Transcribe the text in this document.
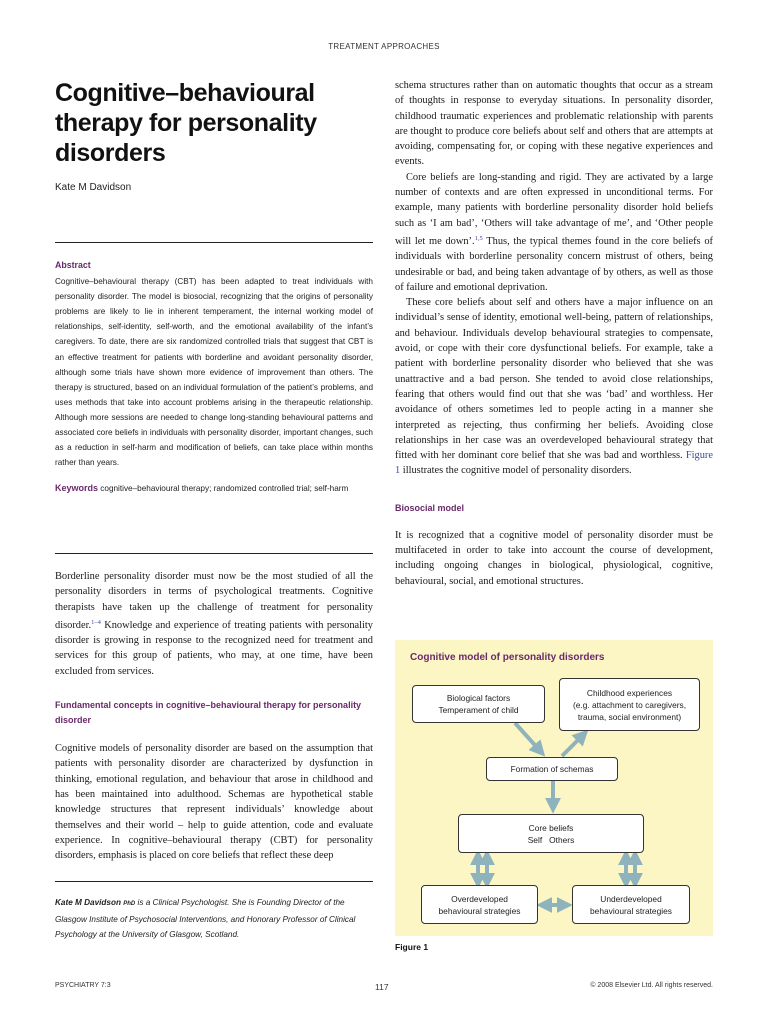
TREATMENT APPROACHES
Cognitive–behavioural
therapy for personality
disorders
Kate M Davidson
Abstract
Cognitive–behavioural therapy (CBT) has been adapted to treat individuals with personality disorder. The model is biosocial, recognizing that the origins of personality problems are likely to lie in inherent temperament, the internal working model of relationships, self-identity, self-worth, and the emotional availability of the infant’s caregivers. To date, there are six randomized controlled trials that suggest that CBT is an effective treatment for patients with borderline and avoidant personality disorder, although some trials have shown more evidence of improvement than others. The therapy is structured, based on an individual formulation of the patient’s problems, and uses methods that take into account problems arising in the therapeutic relationship. Although more sessions are needed to change long-standing behavioural patterns and associated core beliefs in individuals with personality disorder, important changes, such as a reduction in self-harm and modification of beliefs, can take place within months rather than years.
Keywords cognitive–behavioural therapy; randomized controlled trial; self-harm

Borderline personality disorder must now be the most studied of all the personality disorders in terms of psychological treatments. Cognitive therapists have taken up the challenge of treatment for personality disorder.$^{1-4}$ Knowledge and experience of treating patients with personality disorder is growing in response to the recognized need for treatment and services for this group of patients, who may, at one time, have been excluded from services.

Fundamental concepts in cognitive–behavioural therapy for personality disorder

Cognitive models of personality disorder are based on the assumption that patients with personality disorder are characterized by dysfunction in thinking, emotional regulation, and behaviour that arose in childhood and has been maintained into adulthood. Schemas are hypothetical stable knowledge structures that represent individuals’ knowledge about themselves and their world – help to guide attention, code and evaluate experience. In cognitive–behavioural therapy (CBT) for personality disorders, emphasis is placed on core beliefs that reflect these deep

Kate M Davidson PhD is a Clinical Psychologist. She is Founding Director of the Glasgow Institute of Psychosocial Interventions, and Honorary Professor of Clinical Psychology at the University of Glasgow, Scotland.

schema structures rather than on automatic thoughts that occur as a stream of thoughts in response to everyday situations. In personality disorder, childhood traumatic experiences and problematic relationship with parents are thought to produce core beliefs about self and others that are attempts at avoiding, compensating for, or coping with these negative experiences and events.

Core beliefs are long-standing and rigid. They are activated by a large number of contexts and are often expressed in unconditional terms. For example, many patients with borderline personality disorder hold beliefs such as ‘I am bad’, ‘Others will take advantage of me’, and ‘Other people will let me down’.$^{1,5}$ Thus, the typical themes found in the core beliefs of individuals with borderline personality concern mistrust of others, being undesirable or bad, and being taken advantage of by others, as well as those of failure and emotional deprivation.

These core beliefs about self and others have a major influence on an individual’s sense of identity, emotional well-being, pattern of relationships, and behaviour. Individuals develop behavioural strategies to compensate, avoid, or cope with their core dysfunctional beliefs. For example, take a patient with borderline personality disorder who believed that she was unattractive and a bad person. She tended to avoid close relationships, fearing that others would find out that she was ‘bad’ and worthless. Her avoidance of others sometimes led to people acting in a manner she interpreted as rejecting, thus confirming her beliefs. Avoiding close relationships in her case was an overdeveloped behavioural strategy that fitted with her dominant core belief that she was bad and worthless. Figure 1 illustrates the cognitive model of personality disorders.

Biosocial model

It is recognized that a cognitive model of personality disorder must be multifaceted in order to take into account the course of development, including ongoing changes in biological, physiological, cognitive, behavioural, social, and emotional structures.

Cognitive model of personality disorders
Biological factors
Temperament of child
Childhood experiences
(e.g. attachment to caregivers,
trauma, social environment)
Formation of schemas
Core beliefs
Self   Others
Overdeveloped
behavioural strategies
Underdeveloped
behavioural strategies
Figure 1
PSYCHIATRY 7:3	117	© 2008 Elsevier Ltd. All rights reserved.
